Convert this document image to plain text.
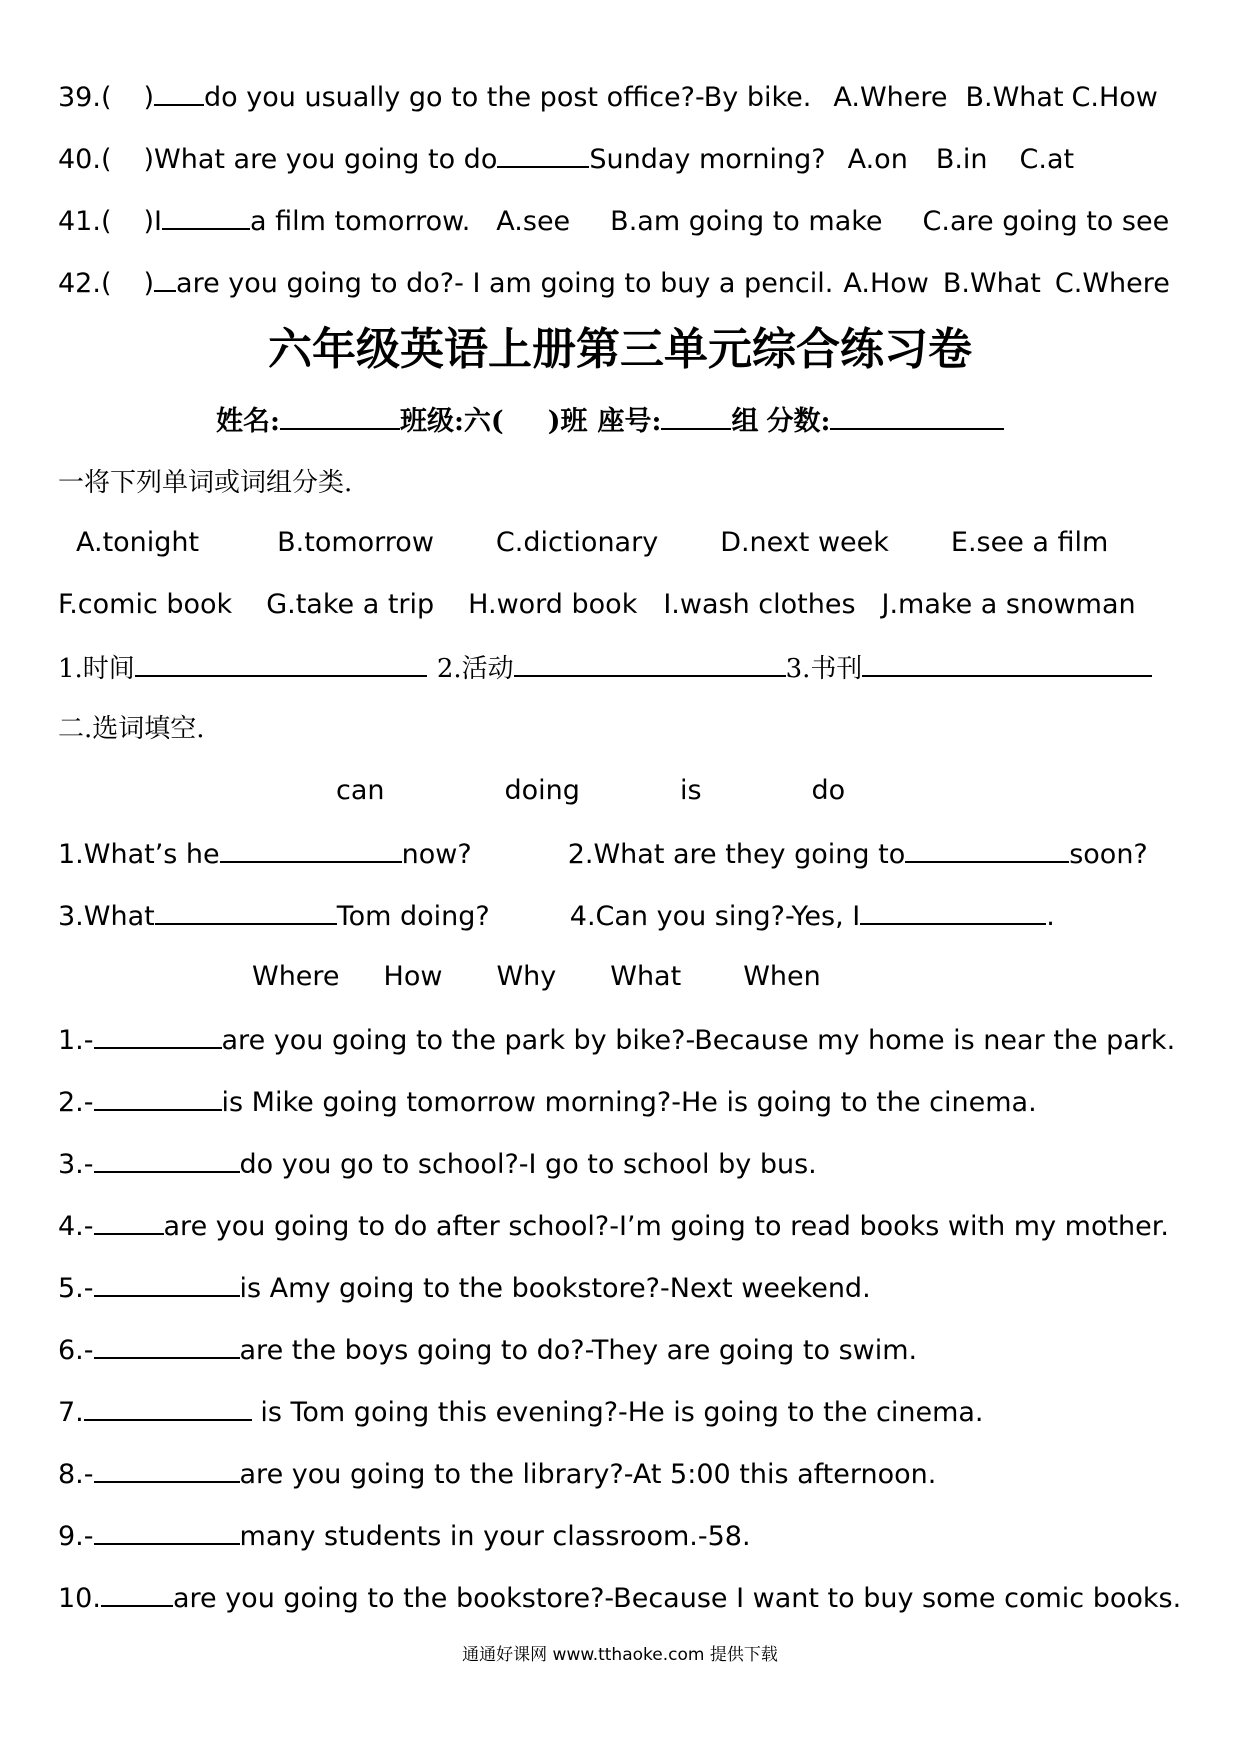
39.( ) do you usually go to the post office?-By bike. A.Where B.What C.How
40.( )What are you going to do	Sunday morning? A.on B.in C.at
41.( )I	a film tomorrow. A.see B.am going to make C.are going to see
42.( ) are you going to do?- I am going to buy a pencil. A.How B.What C.Where
六年级英语上册第三单元综合练习卷
姓名:	班级:六( )班 座号:	组 分数:
一将下列单词或词组分类.
A.tonight	B.tomorrow C.dictionary D.next week E.see a film
F.comic book G.take a trip H.word book I.wash clothes J.make a snowman
1.时间	2.活动	3.书刊
二.选词填空.
can	doing	is	do
1.What’s he	now?	2.What are they going to	soon?
3.What	Tom doing?	4.Can you sing?-Yes, I	.
Where How Why What When
1.-	are you going to the park by bike?-Because my home is near the park.
2.-	is Mike going tomorrow morning?-He is going to the cinema.
3.-	do you go to school?-I go to school by bus.
4.-	are you going to do after school?-I’m going to read books with my mother.
5.-	is Amy going to the bookstore?-Next weekend.
6.-	are the boys going to do?-They are going to swim.
7.	is Tom going this evening?-He is going to the cinema.
8.-	are you going to the library?-At 5:00 this afternoon.
9.-	many students in your classroom.-58.
10.	are you going to the bookstore?-Because I want to buy some comic books.
通通好课网 www.tthaoke.com 提供下载
